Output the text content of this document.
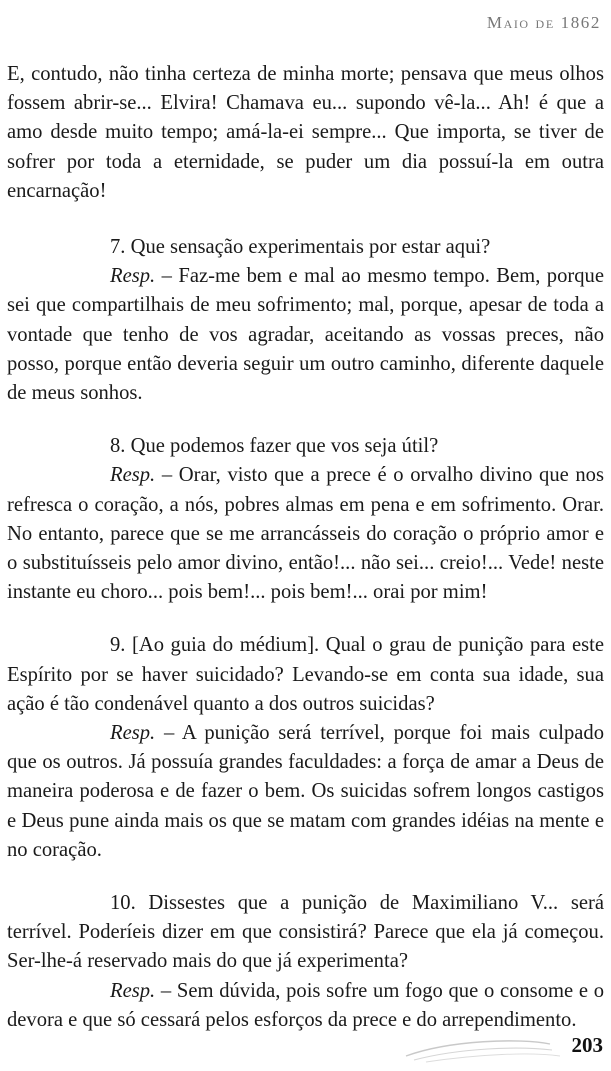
Maio de 1862

E, contudo, não tinha certeza de minha morte; pensava que meus olhos fossem abrir-se... Elvira! Chamava eu... supondo vê-la... Ah! é que a amo desde muito tempo; amá-la-ei sempre... Que importa, se tiver de sofrer por toda a eternidade, se puder um dia possuí-la em outra encarnação!

7. Que sensação experimentais por estar aqui?

Resp. – Faz-me bem e mal ao mesmo tempo. Bem, porque sei que compartilhais de meu sofrimento; mal, porque, apesar de toda a vontade que tenho de vos agradar, aceitando as vossas preces, não posso, porque então deveria seguir um outro caminho, diferente daquele de meus sonhos.

8. Que podemos fazer que vos seja útil?

Resp. – Orar, visto que a prece é o orvalho divino que nos refresca o coração, a nós, pobres almas em pena e em sofrimento. Orar. No entanto, parece que se me arrancásseis do coração o próprio amor e o substituísseis pelo amor divino, então!... não sei... creio!... Vede! neste instante eu choro... pois bem!... pois bem!... orai por mim!

9. [Ao guia do médium]. Qual o grau de punição para este Espírito por se haver suicidado? Levando-se em conta sua idade, sua ação é tão condenável quanto a dos outros suicidas?

Resp. – A punição será terrível, porque foi mais culpado que os outros. Já possuía grandes faculdades: a força de amar a Deus de maneira poderosa e de fazer o bem. Os suicidas sofrem longos castigos e Deus pune ainda mais os que se matam com grandes idéias na mente e no coração.

10. Dissestes que a punição de Maximiliano V... será terrível. Poderíeis dizer em que consistirá? Parece que ela já começou. Ser-lhe-á reservado mais do que já experimenta?

Resp. – Sem dúvida, pois sofre um fogo que o consome e o devora e que só cessará pelos esforços da prece e do arrependimento.

203
